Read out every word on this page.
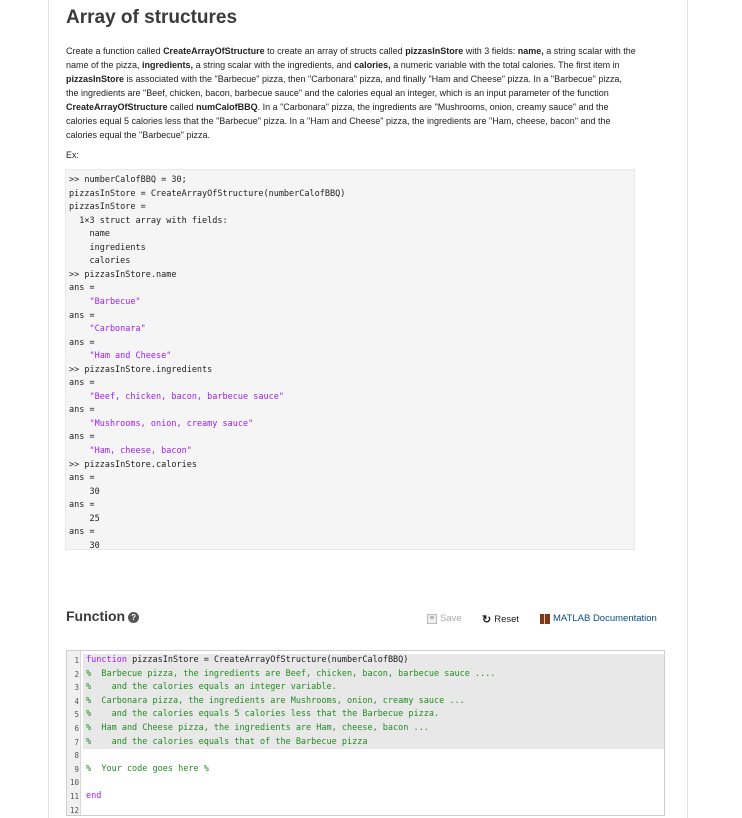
Array of structures
Create a function called CreateArrayOfStructure to create an array of structs called pizzasInStore with 3 fields: name, a string scalar with the name of the pizza, ingredients, a string scalar with the ingredients, and calories, a numeric variable with the total calories. The first item in pizzasInStore is associated with the "Barbecue" pizza, then "Carbonara" pizza, and finally "Ham and Cheese" pizza. In a "Barbecue" pizza, the ingredients are "Beef, chicken, bacon, barbecue sauce" and the calories equal an integer, which is an input parameter of the function CreateArrayOfStructure called numCalofBBQ. In a "Carbonara" pizza, the ingredients are "Mushrooms, onion, creamy sauce" and the calories equal 5 calories less that the "Barbecue" pizza. In a "Ham and Cheese" pizza, the ingredients are "Ham, cheese, bacon" and the calories equal the "Barbecue" pizza.
Ex:
>> numberCalofBBQ = 30;
pizzasInStore = CreateArrayOfStructure(numberCalofBBQ)
pizzasInStore =
1×3 struct array with fields:
name
ingredients
calories
>> pizzasInStore.name
ans =
"Barbecue"
ans =
"Carbonara"
ans =
"Ham and Cheese"
>> pizzasInStore.ingredients
ans =
"Beef, chicken, bacon, barbecue sauce"
ans =
"Mushrooms, onion, creamy sauce"
ans =
"Ham, cheese, bacon"
>> pizzasInStore.calories
ans =
30
ans =
25
ans =
30
Function ?	Save ↻ Reset	MATLAB Documentation
1 function pizzasInStore = CreateArrayOfStructure(numberCalofBBQ)
2 %  Barbecue pizza, the ingredients are Beef, chicken, bacon, barbecue sauce ....
3 %    and the calories equals an integer variable.
4 %  Carbonara pizza, the ingredients are Mushrooms, onion, creamy sauce ...
5 %    and the calories equals 5 calories less that the Barbecue pizza.
6 %  Ham and Cheese pizza, the ingredients are Ham, cheese, bacon ...
7 %    and the calories equals that of the Barbecue pizza
8
9 %  Your code goes here %
10
11 end
12
